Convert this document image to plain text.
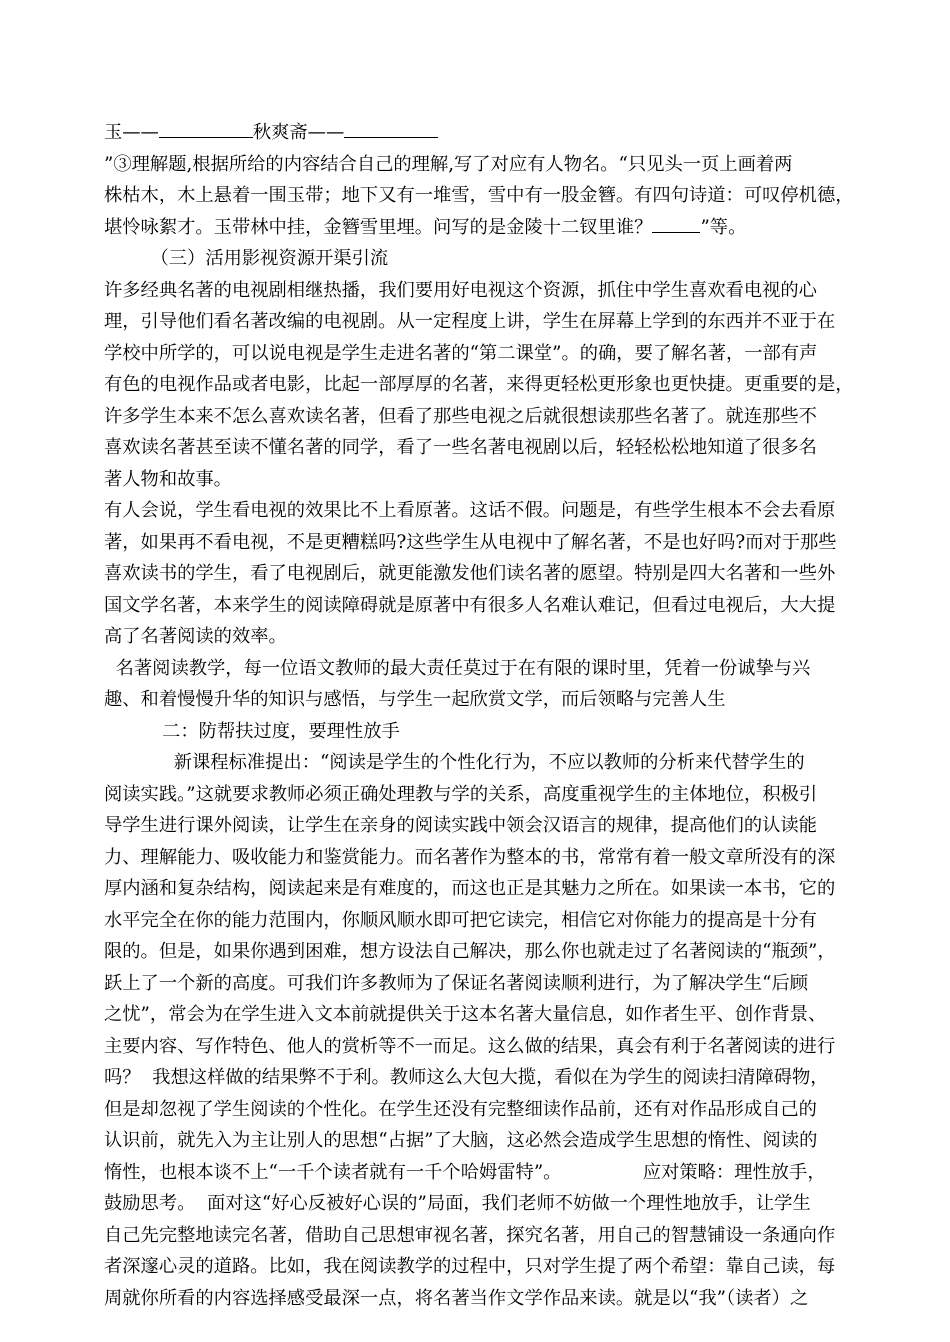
玉——	秋爽斋——
”③理解题,根据所给的内容结合自己的理解,写了对应有人物名。“只见头一页上画着两
株枯木，木上悬着一围玉带；地下又有一堆雪，雪中有一股金簪。有四句诗道：可叹停机德，
堪怜咏絮才。玉带林中挂，金簪雪里埋。问写的是金陵十二钗里谁？	”等。
（三）活用影视资源开渠引流
许多经典名著的电视剧相继热播，我们要用好电视这个资源，抓住中学生喜欢看电视的心
理，引导他们看名著改编的电视剧。从一定程度上讲，学生在屏幕上学到的东西并不亚于在
学校中所学的，可以说电视是学生走进名著的“第二课堂”。的确，要了解名著，一部有声
有色的电视作品或者电影，比起一部厚厚的名著，来得更轻松更形象也更快捷。更重要的是，
许多学生本来不怎么喜欢读名著，但看了那些电视之后就很想读那些名著了。就连那些不
喜欢读名著甚至读不懂名著的同学，看了一些名著电视剧以后，轻轻松松地知道了很多名
著人物和故事。
有人会说，学生看电视的效果比不上看原著。这话不假。问题是，有些学生根本不会去看原
著，如果再不看电视，不是更糟糕吗?这些学生从电视中了解名著，不是也好吗?而对于那些
喜欢读书的学生，看了电视剧后，就更能激发他们读名著的愿望。特别是四大名著和一些外
国文学名著，本来学生的阅读障碍就是原著中有很多人名难认难记，但看过电视后，大大提
高了名著阅读的效率。
名著阅读教学，每一位语文教师的最大责任莫过于在有限的课时里，凭着一份诚挚与兴
趣、和着慢慢升华的知识与感悟，与学生一起欣赏文学，而后领略与完善人生
二：防帮扶过度，要理性放手
新课程标准提出：“阅读是学生的个性化行为，不应以教师的分析来代替学生的
阅读实践。”这就要求教师必须正确处理教与学的关系，高度重视学生的主体地位，积极引
导学生进行课外阅读，让学生在亲身的阅读实践中领会汉语言的规律，提高他们的认读能
力、理解能力、吸收能力和鉴赏能力。而名著作为整本的书，常常有着一般文章所没有的深
厚内涵和复杂结构，阅读起来是有难度的，而这也正是其魅力之所在。如果读一本书，它的
水平完全在你的能力范围内，你顺风顺水即可把它读完，相信它对你能力的提高是十分有
限的。但是，如果你遇到困难，想方设法自己解决，那么你也就走过了名著阅读的“瓶颈”，
跃上了一个新的高度。可我们许多教师为了保证名著阅读顺利进行，为了解决学生“后顾
之忧”，常会为在学生进入文本前就提供关于这本名著大量信息，如作者生平、创作背景、
主要内容、写作特色、他人的赏析等不一而足。这么做的结果，真会有利于名著阅读的进行
吗？  我想这样做的结果弊不于利。教师这么大包大揽，看似在为学生的阅读扫清障碍物，
但是却忽视了学生阅读的个性化。在学生还没有完整细读作品前，还有对作品形成自己的
认识前，就先入为主让别人的思想“占据”了大脑，这必然会造成学生思想的惰性、阅读的
惰性，也根本谈不上“一千个读者就有一千个哈姆雷特”。              应对策略：理性放手，
鼓励思考。  面对这“好心反被好心误的”局面，我们老师不妨做一个理性地放手，让学生
自己先完整地读完名著，借助自己思想审视名著，探究名著，用自己的智慧铺设一条通向作
者深邃心灵的道路。比如，我在阅读教学的过程中，只对学生提了两个希望：靠自己读，每
周就你所看的内容选择感受最深一点，将名著当作文学作品来读。就是以“我”（读者）之
